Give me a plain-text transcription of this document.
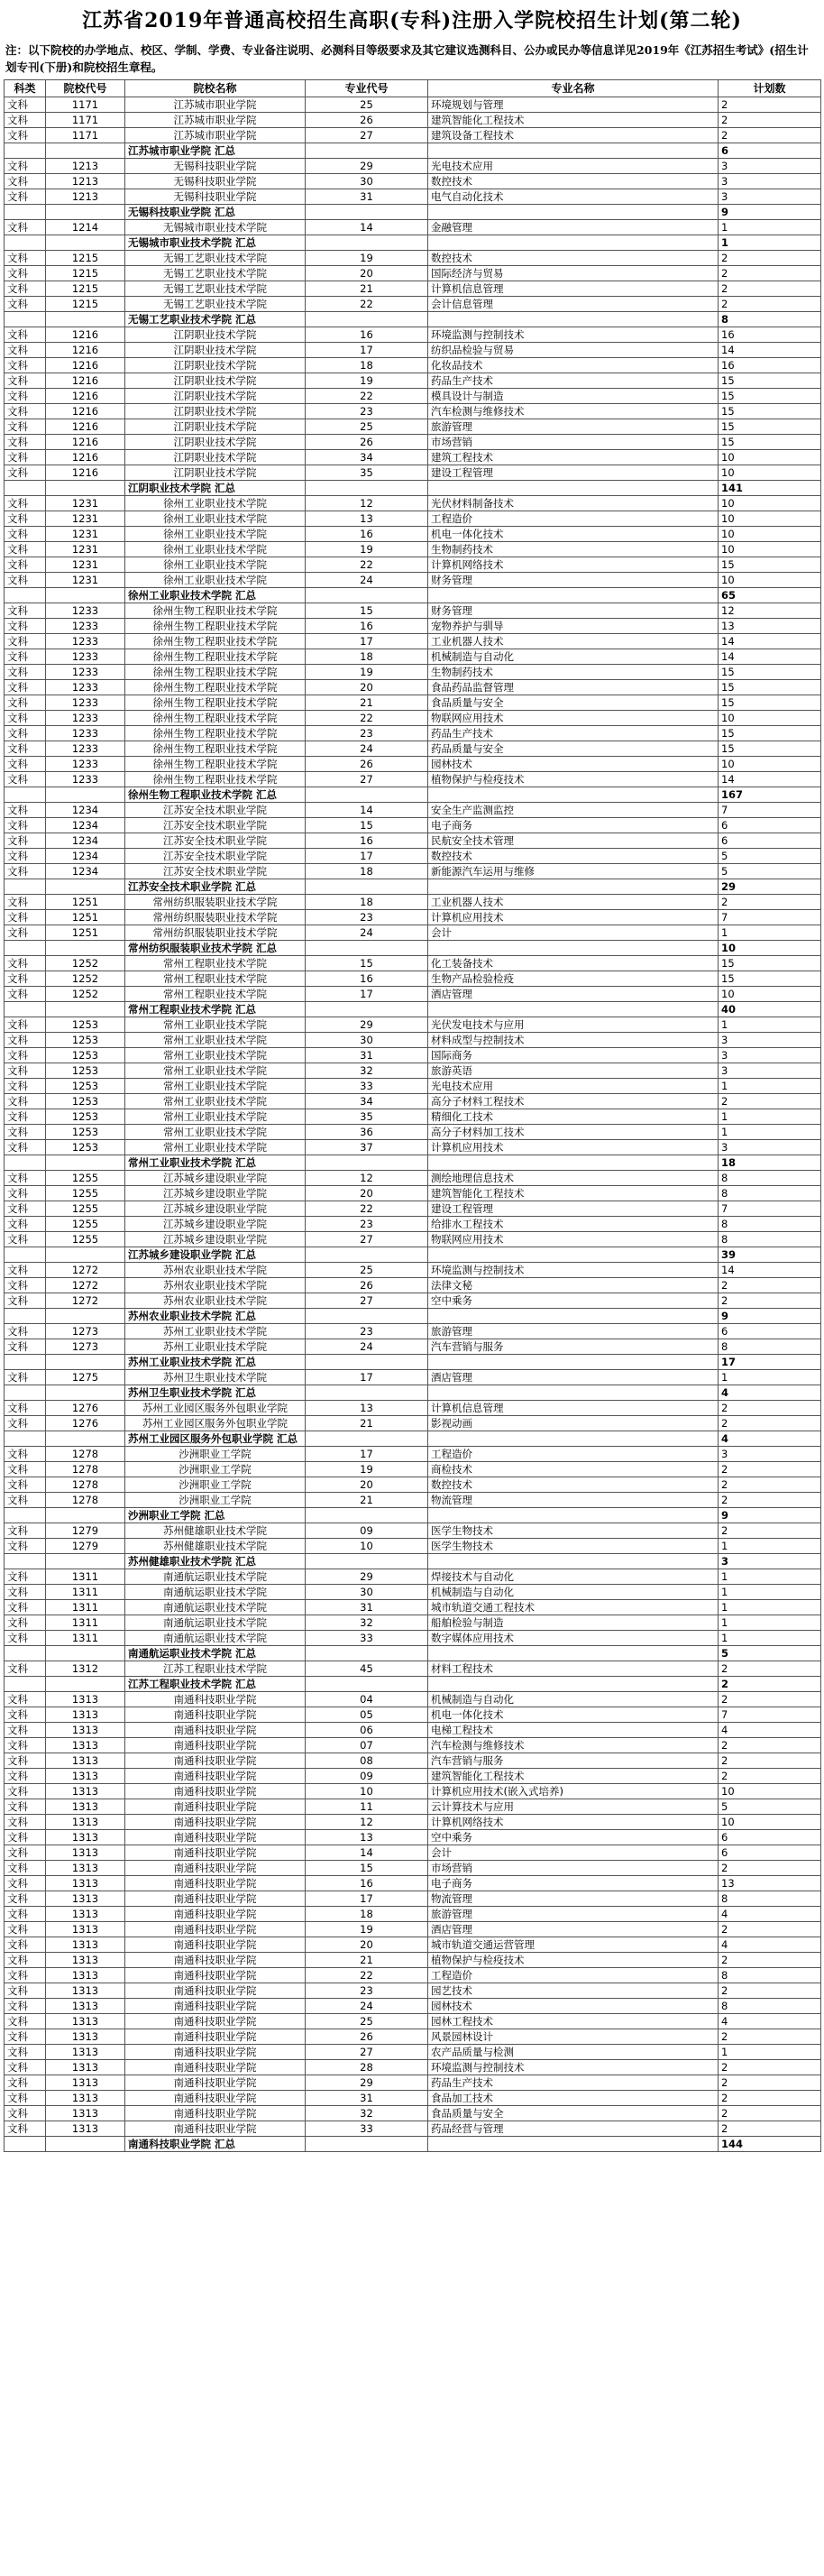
江苏省2019年普通高校招生高职(专科)注册入学院校招生计划(第二轮)
注：以下院校的办学地点、校区、学制、学费、专业备注说明、必测科目等级要求及其它建议选测科目、公办或民办等信息详见2019年《江苏招生考试》(招生计划专刊(下册)和院校招生章程。
科类	院校代号	院校名称	专业代号	专业名称	计划数
文科	1171	江苏城市职业学院	25	环境规划与管理	2
文科	1171	江苏城市职业学院	26	建筑智能化工程技术	2
文科	1171	江苏城市职业学院	27	建筑设备工程技术	2
		江苏城市职业学院 汇总			6
文科	1213	无锡科技职业学院	29	光电技术应用	3
文科	1213	无锡科技职业学院	30	数控技术	3
文科	1213	无锡科技职业学院	31	电气自动化技术	3
		无锡科技职业学院 汇总			9
文科	1214	无锡城市职业技术学院	14	金融管理	1
		无锡城市职业技术学院 汇总			1
文科	1215	无锡工艺职业技术学院	19	数控技术	2
文科	1215	无锡工艺职业技术学院	20	国际经济与贸易	2
文科	1215	无锡工艺职业技术学院	21	计算机信息管理	2
文科	1215	无锡工艺职业技术学院	22	会计信息管理	2
		无锡工艺职业技术学院 汇总			8
文科	1216	江阴职业技术学院	16	环境监测与控制技术	16
文科	1216	江阴职业技术学院	17	纺织品检验与贸易	14
文科	1216	江阴职业技术学院	18	化妆品技术	16
文科	1216	江阴职业技术学院	19	药品生产技术	15
文科	1216	江阴职业技术学院	22	模具设计与制造	15
文科	1216	江阴职业技术学院	23	汽车检测与维修技术	15
文科	1216	江阴职业技术学院	25	旅游管理	15
文科	1216	江阴职业技术学院	26	市场营销	15
文科	1216	江阴职业技术学院	34	建筑工程技术	10
文科	1216	江阴职业技术学院	35	建设工程管理	10
		江阴职业技术学院 汇总			141
文科	1231	徐州工业职业技术学院	12	光伏材料制备技术	10
文科	1231	徐州工业职业技术学院	13	工程造价	10
文科	1231	徐州工业职业技术学院	16	机电一体化技术	10
文科	1231	徐州工业职业技术学院	19	生物制药技术	10
文科	1231	徐州工业职业技术学院	22	计算机网络技术	15
文科	1231	徐州工业职业技术学院	24	财务管理	10
		徐州工业职业技术学院 汇总			65
文科	1233	徐州生物工程职业技术学院	15	财务管理	12
文科	1233	徐州生物工程职业技术学院	16	宠物养护与驯导	13
文科	1233	徐州生物工程职业技术学院	17	工业机器人技术	14
文科	1233	徐州生物工程职业技术学院	18	机械制造与自动化	14
文科	1233	徐州生物工程职业技术学院	19	生物制药技术	15
文科	1233	徐州生物工程职业技术学院	20	食品药品监督管理	15
文科	1233	徐州生物工程职业技术学院	21	食品质量与安全	15
文科	1233	徐州生物工程职业技术学院	22	物联网应用技术	10
文科	1233	徐州生物工程职业技术学院	23	药品生产技术	15
文科	1233	徐州生物工程职业技术学院	24	药品质量与安全	15
文科	1233	徐州生物工程职业技术学院	26	园林技术	10
文科	1233	徐州生物工程职业技术学院	27	植物保护与检疫技术	14
		徐州生物工程职业技术学院 汇总			167
文科	1234	江苏安全技术职业学院	14	安全生产监测监控	7
文科	1234	江苏安全技术职业学院	15	电子商务	6
文科	1234	江苏安全技术职业学院	16	民航安全技术管理	6
文科	1234	江苏安全技术职业学院	17	数控技术	5
文科	1234	江苏安全技术职业学院	18	新能源汽车运用与维修	5
		江苏安全技术职业学院 汇总			29
文科	1251	常州纺织服装职业技术学院	18	工业机器人技术	2
文科	1251	常州纺织服装职业技术学院	23	计算机应用技术	7
文科	1251	常州纺织服装职业技术学院	24	会计	1
		常州纺织服装职业技术学院 汇总			10
文科	1252	常州工程职业技术学院	15	化工装备技术	15
文科	1252	常州工程职业技术学院	16	生物产品检验检疫	15
文科	1252	常州工程职业技术学院	17	酒店管理	10
		常州工程职业技术学院 汇总			40
文科	1253	常州工业职业技术学院	29	光伏发电技术与应用	1
文科	1253	常州工业职业技术学院	30	材料成型与控制技术	3
文科	1253	常州工业职业技术学院	31	国际商务	3
文科	1253	常州工业职业技术学院	32	旅游英语	3
文科	1253	常州工业职业技术学院	33	光电技术应用	1
文科	1253	常州工业职业技术学院	34	高分子材料工程技术	2
文科	1253	常州工业职业技术学院	35	精细化工技术	1
文科	1253	常州工业职业技术学院	36	高分子材料加工技术	1
文科	1253	常州工业职业技术学院	37	计算机应用技术	3
		常州工业职业技术学院 汇总			18
文科	1255	江苏城乡建设职业学院	12	测绘地理信息技术	8
文科	1255	江苏城乡建设职业学院	20	建筑智能化工程技术	8
文科	1255	江苏城乡建设职业学院	22	建设工程管理	7
文科	1255	江苏城乡建设职业学院	23	给排水工程技术	8
文科	1255	江苏城乡建设职业学院	27	物联网应用技术	8
		江苏城乡建设职业学院 汇总			39
文科	1272	苏州农业职业技术学院	25	环境监测与控制技术	14
文科	1272	苏州农业职业技术学院	26	法律文秘	2
文科	1272	苏州农业职业技术学院	27	空中乘务	2
		苏州农业职业技术学院 汇总			9
文科	1273	苏州工业职业技术学院	23	旅游管理	6
文科	1273	苏州工业职业技术学院	24	汽车营销与服务	8
		苏州工业职业技术学院 汇总			17
文科	1275	苏州卫生职业技术学院	17	酒店管理	1
		苏州卫生职业技术学院 汇总			4
文科	1276	苏州工业园区服务外包职业学院	13	计算机信息管理	2
文科	1276	苏州工业园区服务外包职业学院	21	影视动画	2
		苏州工业园区服务外包职业学院 汇总			4
文科	1278	沙洲职业工学院	17	工程造价	3
文科	1278	沙洲职业工学院	19	商检技术	2
文科	1278	沙洲职业工学院	20	数控技术	2
文科	1278	沙洲职业工学院	21	物流管理	2
		沙洲职业工学院 汇总			9
文科	1279	苏州健雄职业技术学院	09	医学生物技术	2
文科	1279	苏州健雄职业技术学院	10	医学生物技术	1
		苏州健雄职业技术学院 汇总			3
文科	1311	南通航运职业技术学院	29	焊接技术与自动化	1
文科	1311	南通航运职业技术学院	30	机械制造与自动化	1
文科	1311	南通航运职业技术学院	31	城市轨道交通工程技术	1
文科	1311	南通航运职业技术学院	32	船舶检验与制造	1
文科	1311	南通航运职业技术学院	33	数字媒体应用技术	1
		南通航运职业技术学院 汇总			5
文科	1312	江苏工程职业技术学院	45	材料工程技术	2
		江苏工程职业技术学院 汇总			2
文科	1313	南通科技职业学院	04	机械制造与自动化	2
文科	1313	南通科技职业学院	05	机电一体化技术	7
文科	1313	南通科技职业学院	06	电梯工程技术	4
文科	1313	南通科技职业学院	07	汽车检测与维修技术	2
文科	1313	南通科技职业学院	08	汽车营销与服务	2
文科	1313	南通科技职业学院	09	建筑智能化工程技术	2
文科	1313	南通科技职业学院	10	计算机应用技术(嵌入式培养)	10
文科	1313	南通科技职业学院	11	云计算技术与应用	5
文科	1313	南通科技职业学院	12	计算机网络技术	10
文科	1313	南通科技职业学院	13	空中乘务	6
文科	1313	南通科技职业学院	14	会计	6
文科	1313	南通科技职业学院	15	市场营销	2
文科	1313	南通科技职业学院	16	电子商务	13
文科	1313	南通科技职业学院	17	物流管理	8
文科	1313	南通科技职业学院	18	旅游管理	4
文科	1313	南通科技职业学院	19	酒店管理	2
文科	1313	南通科技职业学院	20	城市轨道交通运营管理	4
文科	1313	南通科技职业学院	21	植物保护与检疫技术	2
文科	1313	南通科技职业学院	22	工程造价	8
文科	1313	南通科技职业学院	23	园艺技术	2
文科	1313	南通科技职业学院	24	园林技术	8
文科	1313	南通科技职业学院	25	园林工程技术	4
文科	1313	南通科技职业学院	26	风景园林设计	2
文科	1313	南通科技职业学院	27	农产品质量与检测	1
文科	1313	南通科技职业学院	28	环境监测与控制技术	2
文科	1313	南通科技职业学院	29	药品生产技术	2
文科	1313	南通科技职业学院	31	食品加工技术	2
文科	1313	南通科技职业学院	32	食品质量与安全	2
文科	1313	南通科技职业学院	33	药品经营与管理	2
		南通科技职业学院 汇总			144
